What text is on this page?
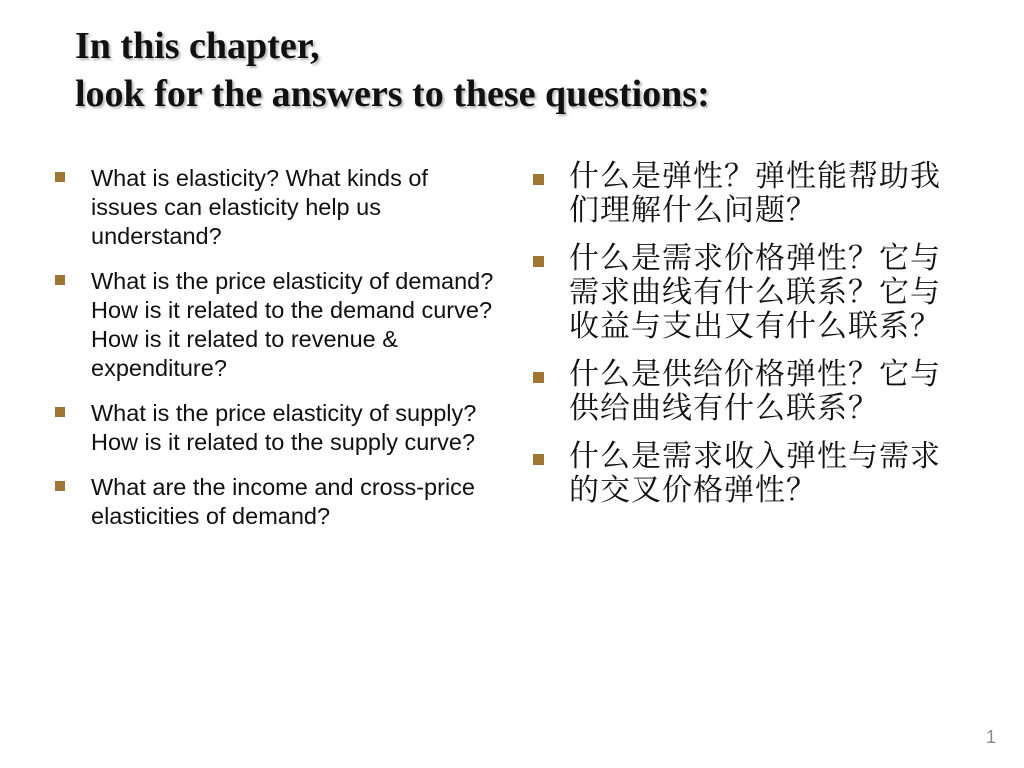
In this chapter,
look for the answers to these questions:
What is elasticity? What kinds of issues can elasticity help us understand?
What is the price elasticity of demand?
How is it related to the demand curve?
How is it related to revenue & expenditure?
What is the price elasticity of supply?
How is it related to the supply curve?
What are the income and cross-price elasticities of demand?
什么是弹性？弹性能帮助我们理解什么问题？
什么是需求价格弹性？它与需求曲线有什么联系？它与收益与支出又有什么联系？
什么是供给价格弹性？它与供给曲线有什么联系？
什么是需求收入弹性与需求的交叉价格弹性？
1
